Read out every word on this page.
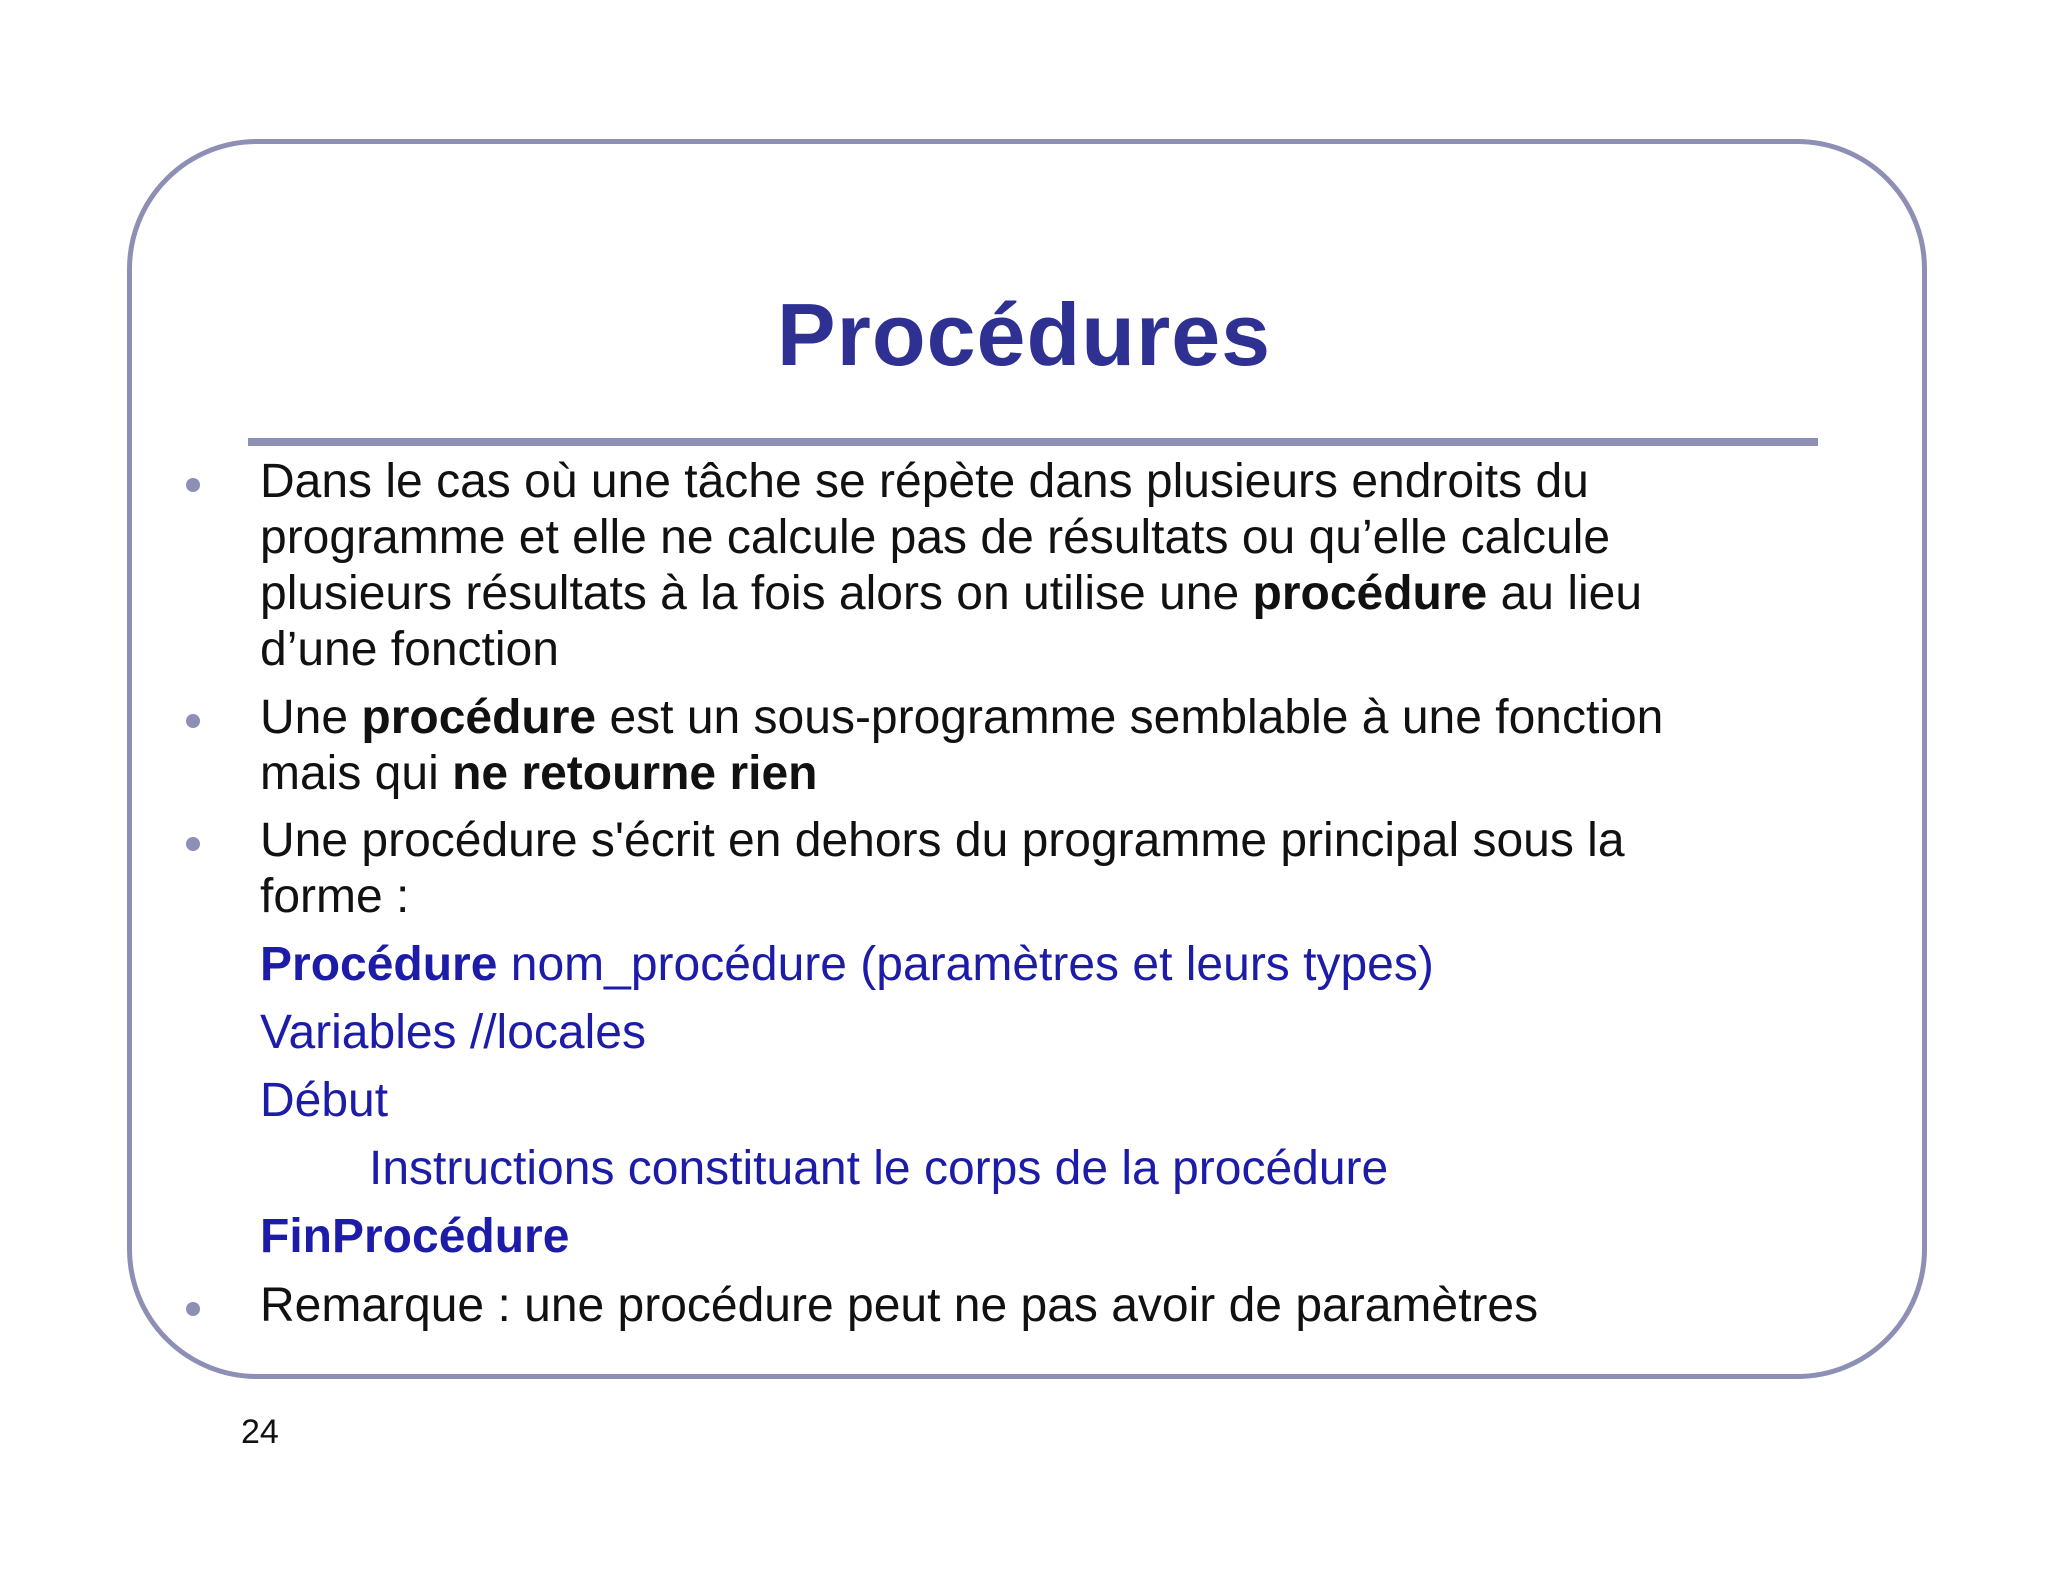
Procédures
Dans le cas où une tâche se répète dans plusieurs endroits du
programme et elle ne calcule pas de résultats ou qu’elle calcule
plusieurs résultats à la fois alors on utilise une procédure au lieu
d’une fonction
Une procédure est un sous-programme semblable à une fonction
mais qui ne retourne rien
Une procédure s'écrit en dehors du programme principal sous la
forme :
Procédure nom_procédure (paramètres et leurs types)
Variables //locales
Début
Instructions constituant le corps de la procédure
FinProcédure
Remarque : une procédure peut ne pas avoir de paramètres
24
